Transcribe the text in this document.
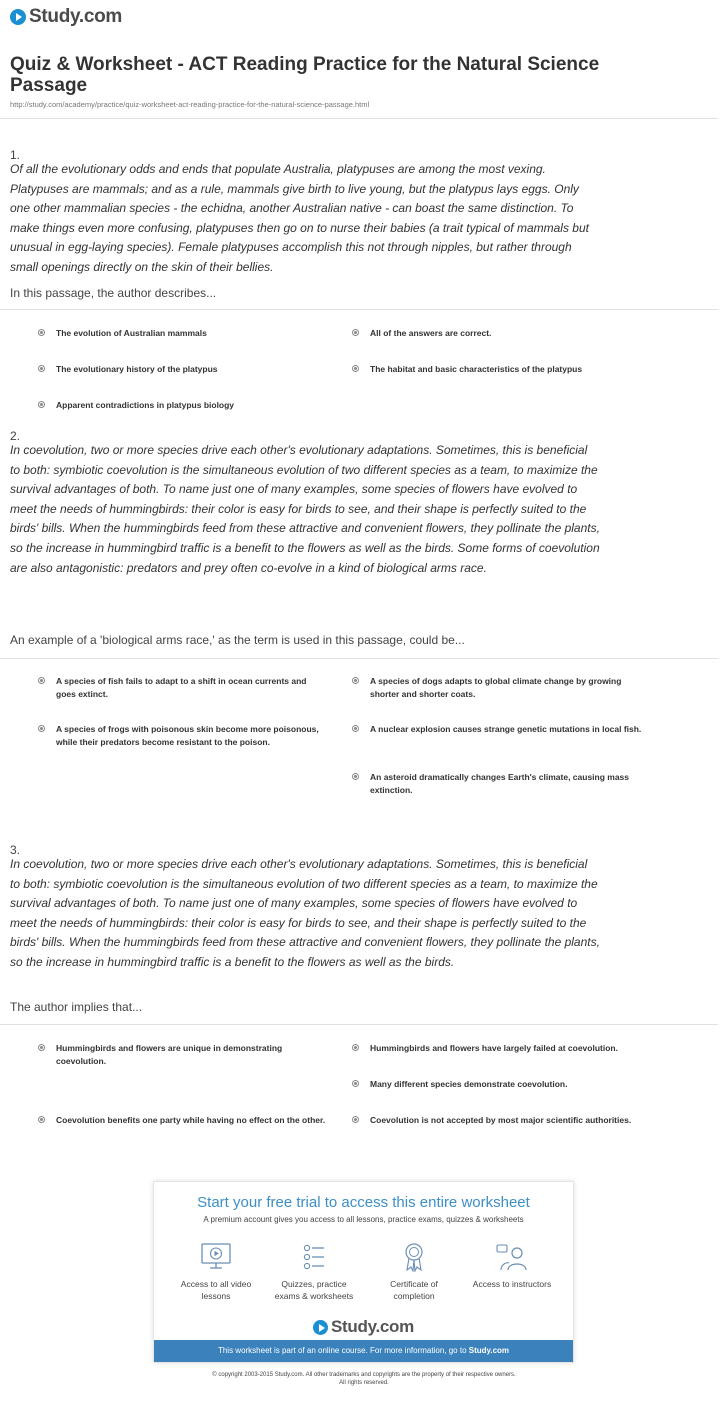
Study.com
Quiz & Worksheet - ACT Reading Practice for the Natural Science Passage
http://study.com/academy/practice/quiz-worksheet-act-reading-practice-for-the-natural-science-passage.html
1.
Of all the evolutionary odds and ends that populate Australia, platypuses are among the most vexing. Platypuses are mammals; and as a rule, mammals give birth to live young, but the platypus lays eggs. Only one other mammalian species - the echidna, another Australian native - can boast the same distinction. To make things even more confusing, platypuses then go on to nurse their babies (a trait typical of mammals but unusual in egg-laying species). Female platypuses accomplish this not through nipples, but rather through small openings directly on the skin of their bellies.
In this passage, the author describes...
The evolution of Australian mammals	All of the answers are correct.
The evolutionary history of the platypus	The habitat and basic characteristics of the platypus
Apparent contradictions in platypus biology
2.
In coevolution, two or more species drive each other's evolutionary adaptations. Sometimes, this is beneficial to both: symbiotic coevolution is the simultaneous evolution of two different species as a team, to maximize the survival advantages of both. To name just one of many examples, some species of flowers have evolved to meet the needs of hummingbirds: their color is easy for birds to see, and their shape is perfectly suited to the birds' bills. When the hummingbirds feed from these attractive and convenient flowers, they pollinate the plants, so the increase in hummingbird traffic is a benefit to the flowers as well as the birds. Some forms of coevolution are also antagonistic: predators and prey often co-evolve in a kind of biological arms race.
An example of a 'biological arms race,' as the term is used in this passage, could be...
A species of fish fails to adapt to a shift in ocean currents and goes extinct.
A species of dogs adapts to global climate change by growing shorter and shorter coats.
A species of frogs with poisonous skin become more poisonous, while their predators become resistant to the poison.
A nuclear explosion causes strange genetic mutations in local fish.
An asteroid dramatically changes Earth's climate, causing mass extinction.
3.
In coevolution, two or more species drive each other's evolutionary adaptations. Sometimes, this is beneficial to both: symbiotic coevolution is the simultaneous evolution of two different species as a team, to maximize the survival advantages of both. To name just one of many examples, some species of flowers have evolved to meet the needs of hummingbirds: their color is easy for birds to see, and their shape is perfectly suited to the birds' bills. When the hummingbirds feed from these attractive and convenient flowers, they pollinate the plants, so the increase in hummingbird traffic is a benefit to the flowers as well as the birds.
The author implies that...
Hummingbirds and flowers are unique in demonstrating coevolution.
Hummingbirds and flowers have largely failed at coevolution.
Many different species demonstrate coevolution.
Coevolution benefits one party while having no effect on the other.	Coevolution is not accepted by most major scientific authorities.
Start your free trial to access this entire worksheet
A premium account gives you access to all lessons, practice exams, quizzes & worksheets
Access to all video lessons
Quizzes, practice exams & worksheets
Certificate of completion
Access to instructors
Study.com
This worksheet is part of an online course. For more information, go to Study.com
© copyright 2003-2015 Study.com. All other trademarks and copyrights are the property of their respective owners.
All rights reserved.
